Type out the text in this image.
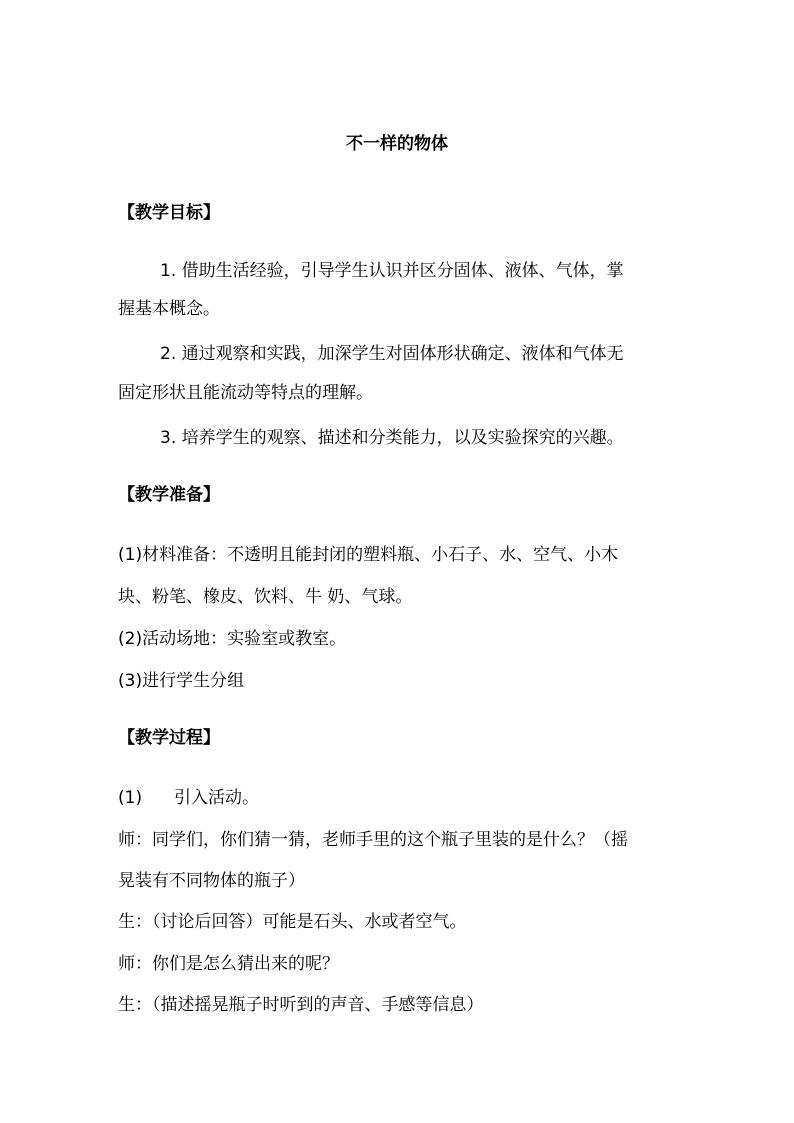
不一样的物体
【教学目标】
1. 借助生活经验，引导学生认识并区分固体、液体、气体，掌
握基本概念。
2. 通过观察和实践，加深学生对固体形状确定、液体和气体无
固定形状且能流动等特点的理解。
3. 培养学生的观察、描述和分类能力，以及实验探究的兴趣。
【教学准备】
(1)材料准备：不透明且能封闭的塑料瓶、小石子、水、空气、小木
块、粉笔、橡皮、饮料、牛 奶、气球。
(2)活动场地：实验室或教室。
(3)进行学生分组
【教学过程】
(1) 引入活动。
师：同学们，你们猜一猜，老师手里的这个瓶子里装的是什么？（摇
晃装有不同物体的瓶子）
生：（讨论后回答）可能是石头、水或者空气。
师：你们是怎么猜出来的呢？
生：（描述摇晃瓶子时听到的声音、手感等信息）
